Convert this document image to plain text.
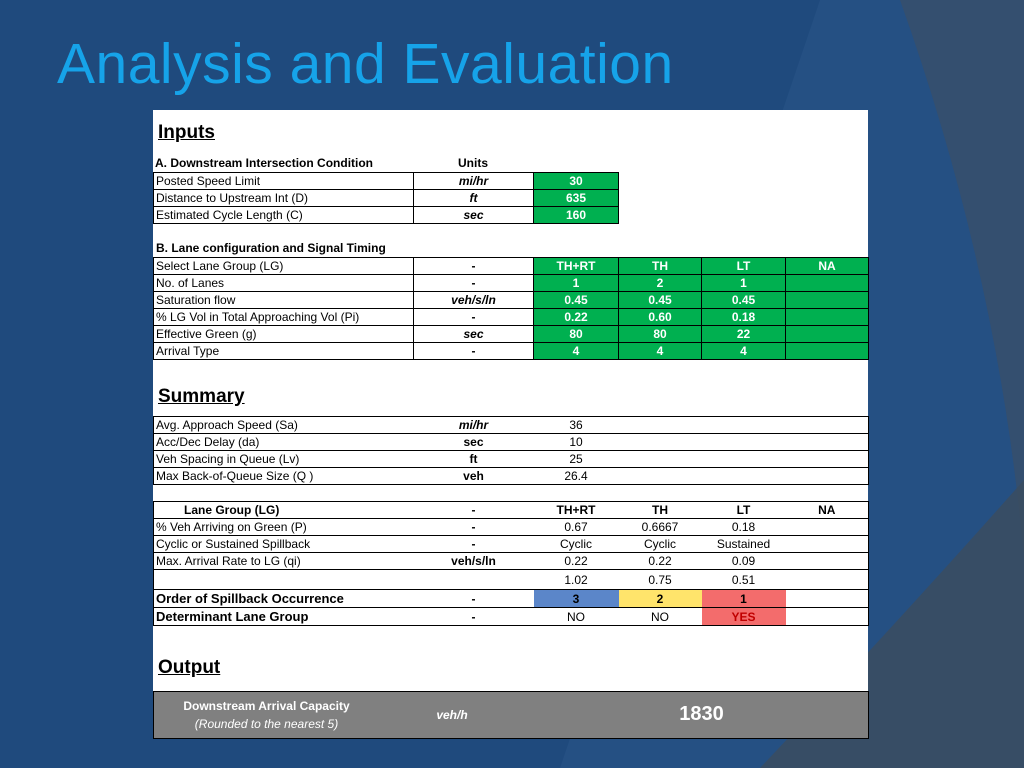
Analysis and Evaluation
Inputs
A. Downstream Intersection Condition	Units	
Posted Speed Limit	mi/hr	30
Distance to Upstream Int (D)	ft	635
Estimated Cycle Length (C)	sec	160
B. Lane configuration and Signal Timing
Select Lane Group (LG)	-	TH+RT	TH	LT	NA
No. of Lanes	-	1	2	1	
Saturation flow	veh/s/ln	0.45	0.45	0.45	
% LG Vol in Total Approaching Vol (Pi)	-	0.22	0.60	0.18	
Effective Green (g)	sec	80	80	22	
Arrival Type	-	4	4	4	
Summary
Avg. Approach Speed (Sa)	mi/hr	36			
Acc/Dec Delay (da)	sec	10			
Veh Spacing in Queue (Lv)	ft	25			
Max Back-of-Queue Size (Q )	veh	26.4			
Lane Group (LG)	-	TH+RT	TH	LT	NA
% Veh Arriving on Green (P)	-	0.67	0.6667	0.18	
Cyclic or Sustained Spillback	-	Cyclic	Cyclic	Sustained	
Max. Arrival Rate to LG (qi)	veh/s/ln	0.22	0.22	0.09	
		1.02	0.75	0.51	
Order of Spillback Occurrence	-	3	2	1	
Determinant Lane Group	-	NO	NO	YES	
Output
Downstream Arrival Capacity
(Rounded to the nearest 5)
veh/h	1830
